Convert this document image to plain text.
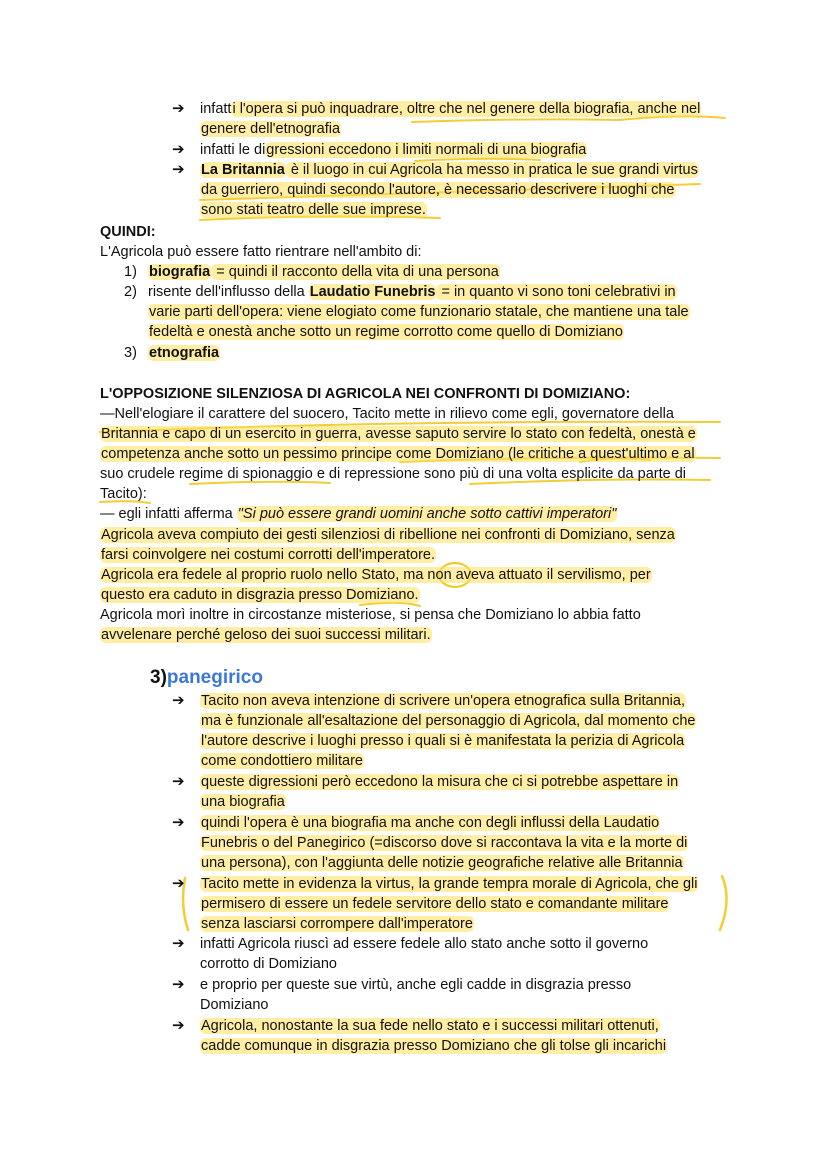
➔ infatti l'opera si può inquadrare, oltre che nel genere della biografia, anche nel
genere dell'etnografia
➔ infatti le digressioni eccedono i limiti normali di una biografia
➔ La Britannia è il luogo in cui Agricola ha messo in pratica le sue grandi virtus
da guerriero, quindi secondo l'autore, è necessario descrivere i luoghi che
sono stati teatro delle sue imprese.
QUINDI:
L'Agricola può essere fatto rientrare nell'ambito di:
1) biografia = quindi il racconto della vita di una persona
2) risente dell'influsso della Laudatio Funebris = in quanto vi sono toni celebrativi in
varie parti dell'opera: viene elogiato come funzionario statale, che mantiene una tale
fedeltà e onestà anche sotto un regime corrotto come quello di Domiziano
3) etnografia
L'OPPOSIZIONE SILENZIOSA DI AGRICOLA NEI CONFRONTI DI DOMIZIANO:
—Nell'elogiare il carattere del suocero, Tacito mette in rilievo come egli, governatore della
Britannia e capo di un esercito in guerra, avesse saputo servire lo stato con fedeltà, onestà e
competenza anche sotto un pessimo principe come Domiziano (le critiche a quest'ultimo e al
suo crudele regime di spionaggio e di repressione sono più di una volta esplicite da parte di
Tacito):
— egli infatti afferma "Si può essere grandi uomini anche sotto cattivi imperatori"
Agricola aveva compiuto dei gesti silenziosi di ribellione nei confronti di Domiziano, senza
farsi coinvolgere nei costumi corrotti dell'imperatore.
Agricola era fedele al proprio ruolo nello Stato, ma non aveva attuato il servilismo, per
questo era caduto in disgrazia presso Domiziano.
Agricola morì inoltre in circostanze misteriose, si pensa che Domiziano lo abbia fatto
avvelenare perché geloso dei suoi successi militari.
3)panegirico
➔ Tacito non aveva intenzione di scrivere un'opera etnografica sulla Britannia,
ma è funzionale all'esaltazione del personaggio di Agricola, dal momento che
l'autore descrive i luoghi presso i quali si è manifestata la perizia di Agricola
come condottiero militare
➔ queste digressioni però eccedono la misura che ci si potrebbe aspettare in
una biografia
➔ quindi l'opera è una biografia ma anche con degli influssi della Laudatio
Funebris o del Panegirico (=discorso dove si raccontava la vita e la morte di
una persona), con l'aggiunta delle notizie geografiche relative alle Britannia
➔ Tacito mette in evidenza la virtus, la grande tempra morale di Agricola, che gli
permisero di essere un fedele servitore dello stato e comandante militare
senza lasciarsi corrompere dall'imperatore
➔ infatti Agricola riuscì ad essere fedele allo stato anche sotto il governo
corrotto di Domiziano
➔ e proprio per queste sue virtù, anche egli cadde in disgrazia presso
Domiziano
➔ Agricola, nonostante la sua fede nello stato e i successi militari ottenuti,
cadde comunque in disgrazia presso Domiziano che gli tolse gli incarichi
